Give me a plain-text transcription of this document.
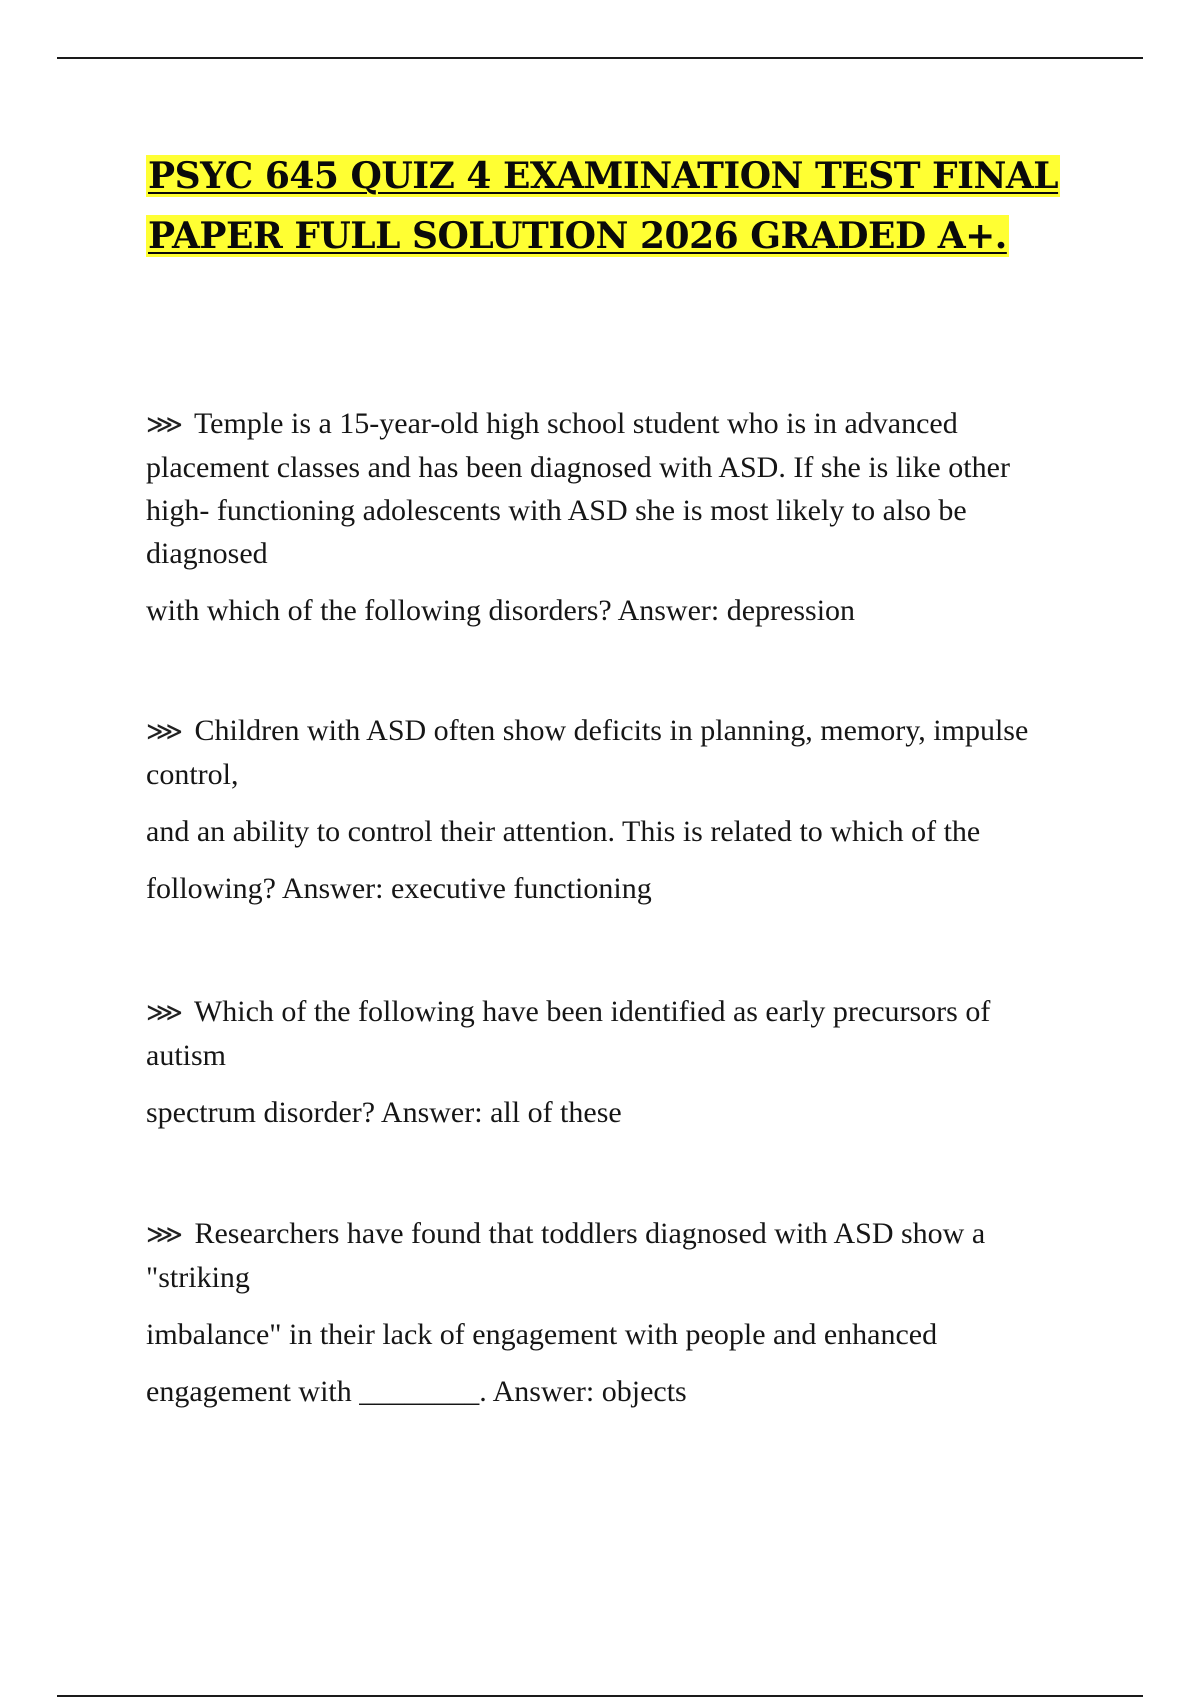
PSYC 645 QUIZ 4 EXAMINATION TEST FINAL PAPER FULL SOLUTION 2026 GRADED A+.

⋙ Temple is a 15-year-old high school student who is in advanced placement classes and has been diagnosed with ASD. If she is like other high- functioning adolescents with ASD she is most likely to also be diagnosed

with which of the following disorders? Answer: depression

⋙ Children with ASD often show deficits in planning, memory, impulse control,

and an ability to control their attention. This is related to which of the

following? Answer: executive functioning

⋙ Which of the following have been identified as early precursors of autism

spectrum disorder? Answer: all of these

⋙ Researchers have found that toddlers diagnosed with ASD show a "striking

imbalance" in their lack of engagement with people and enhanced

engagement with ________. Answer: objects
